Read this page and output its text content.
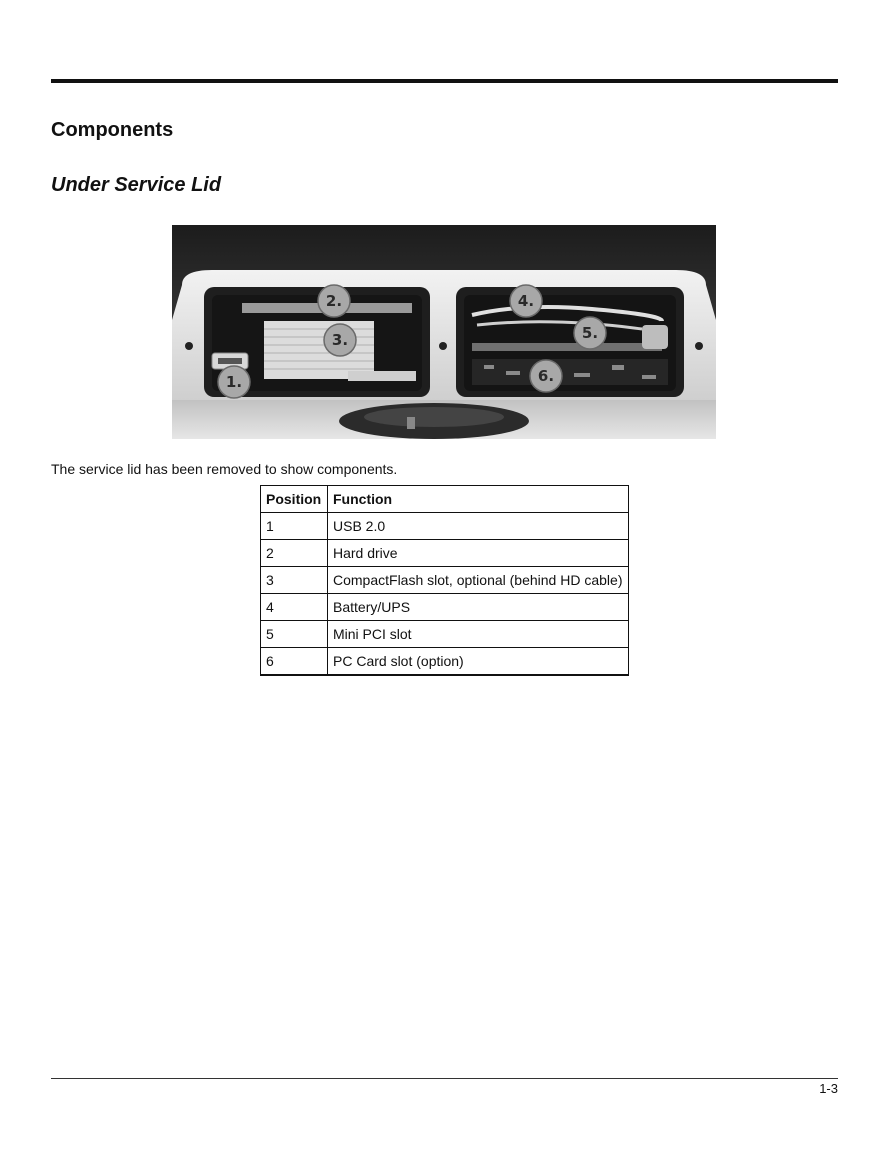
Components
Under Service Lid
1.
2.
3.
4.
5.
6.

The service lid has been removed to show components.

Position	Function
1	USB 2.0
2	Hard drive
3	CompactFlash slot, optional (behind HD cable)
4	Battery/UPS
5	Mini PCI slot
6	PC Card slot (option)

1-3
